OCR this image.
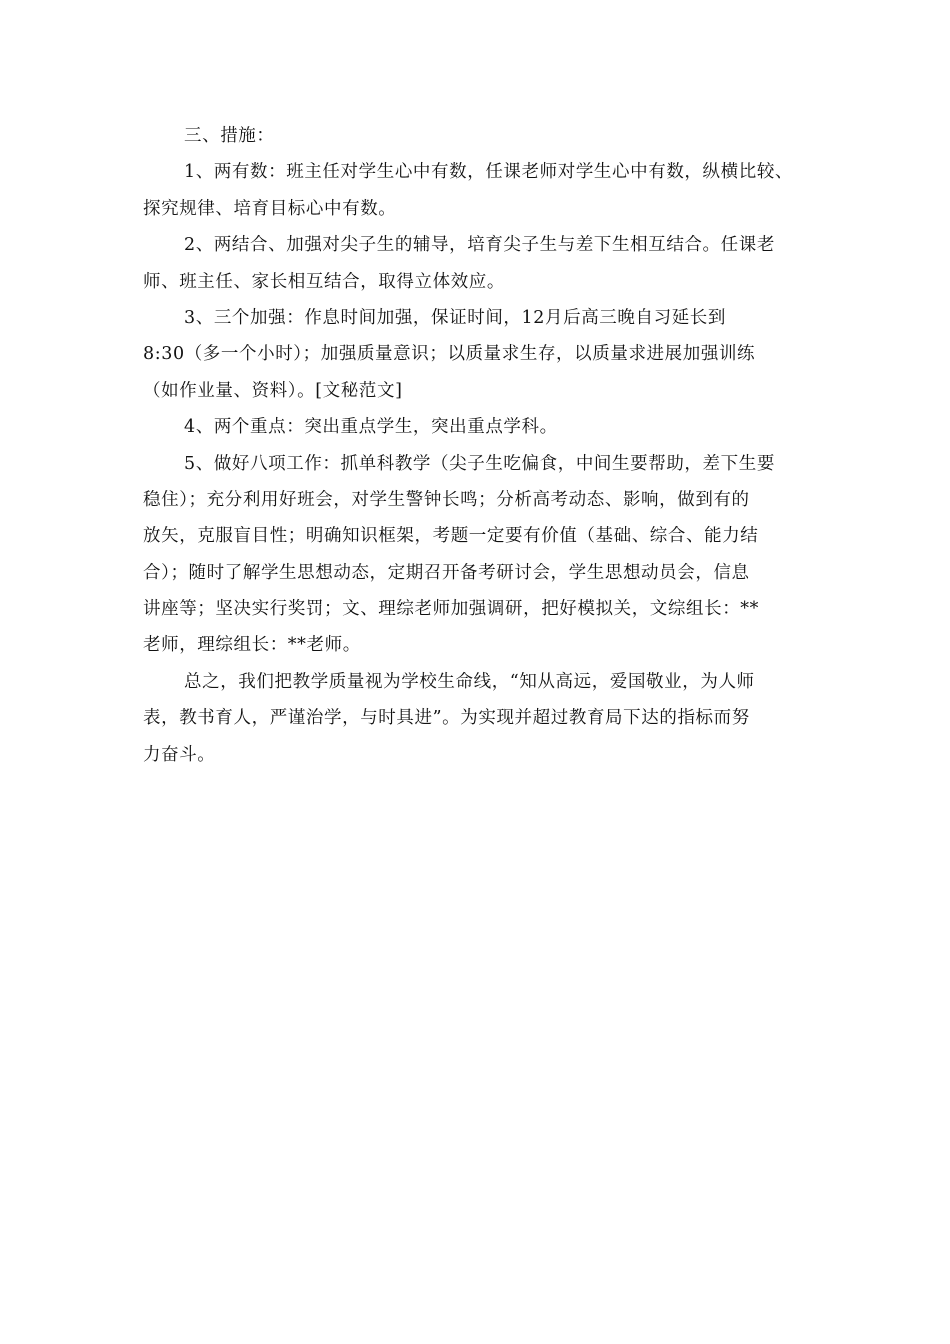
三、措施：
1、两有数：班主任对学生心中有数，任课老师对学生心中有数，纵横比较、
探究规律、培育目标心中有数。
2、两结合、加强对尖子生的辅导，培育尖子生与差下生相互结合。任课老
师、班主任、家长相互结合，取得立体效应。
3、三个加强：作息时间加强，保证时间，12月后高三晚自习延长到
8:30（多一个小时）；加强质量意识；以质量求生存，以质量求进展加强训练
（如作业量、资料）。[文秘范文]
4、两个重点：突出重点学生，突出重点学科。
5、做好八项工作：抓单科教学（尖子生吃偏食，中间生要帮助，差下生要
稳住）；充分利用好班会，对学生警钟长鸣；分析高考动态、影响，做到有的
放矢，克服盲目性；明确知识框架，考题一定要有价值（基础、综合、能力结
合）；随时了解学生思想动态，定期召开备考研讨会，学生思想动员会，信息
讲座等；坚决实行奖罚；文、理综老师加强调研，把好模拟关，文综组长：**
老师，理综组长：**老师。
总之，我们把教学质量视为学校生命线，“知从高远，爱国敬业，为人师
表，教书育人，严谨治学，与时具进”。为实现并超过教育局下达的指标而努
力奋斗。
